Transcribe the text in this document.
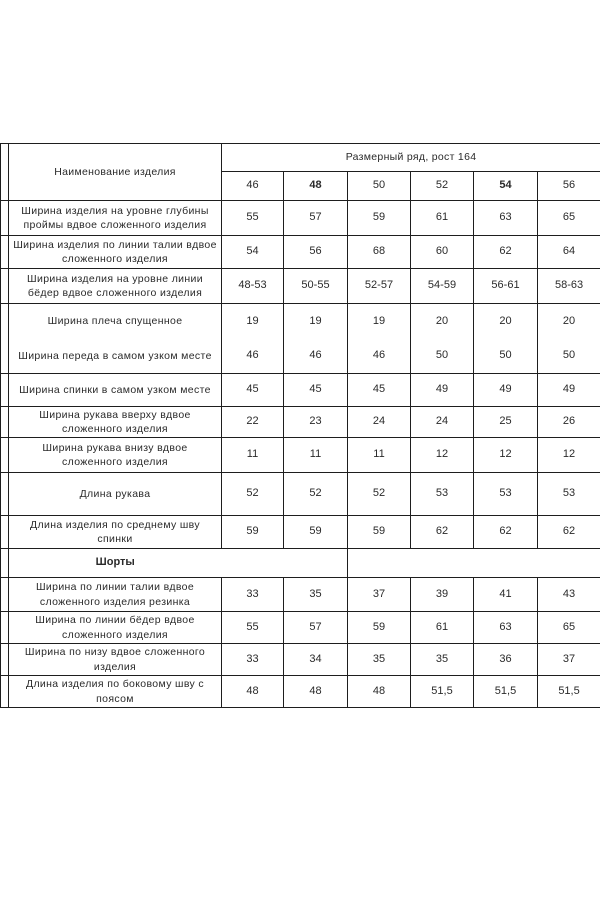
	Наименование изделия	Размерный ряд, рост 164					
		46	48	50	52	54	56
	Ширина изделия на уровне глубины проймы вдвое сложенного изделия	55	57	59	61	63	65
	Ширина изделия по линии талии вдвое сложенного изделия	54	56	68	60	62	64
	Ширина изделия на уровне линии бёдер вдвое сложенного изделия	48-53	50-55	52-57	54-59	56-61	58-63
	Ширина плеча спущенное	19	19	19	20	20	20
	Ширина переда в самом узком месте	46	46	46	50	50	50
	Ширина спинки в самом узком месте	45	45	45	49	49	49
	Ширина рукава вверху вдвое сложенного изделия	22	23	24	24	25	26
	Ширина рукава внизу вдвое сложенного изделия	11	11	11	12	12	12
	Длина рукава	52	52	52	53	53	53
	Длина изделия по среднему шву спинки	59	59	59	62	62	62
	Шорты						
	Ширина по линии талии вдвое сложенного изделия резинка	33	35	37	39	41	43
	Ширина по линии бёдер вдвое сложенного изделия	55	57	59	61	63	65
	Ширина по низу вдвое сложенного изделия	33	34	35	35	36	37
	Длина изделия по боковому шву с поясом	48	48	48	51,5	51,5	51,5
